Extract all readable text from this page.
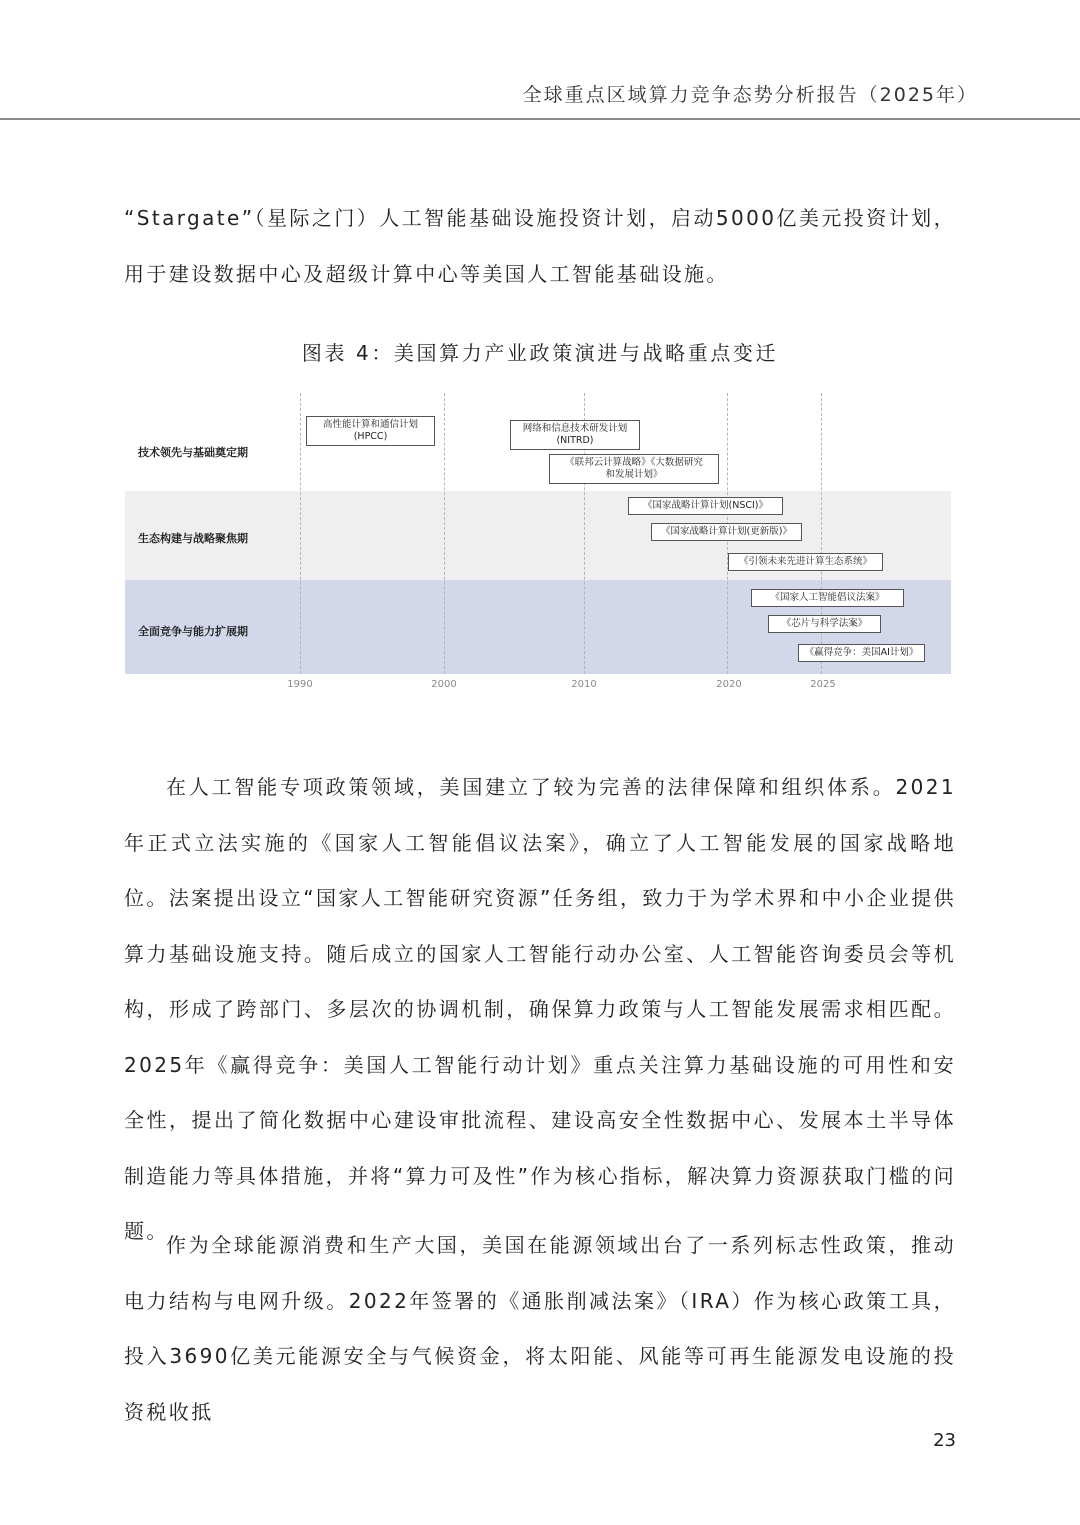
全球重点区域算力竞争态势分析报告（2025年）

“Stargate”（星际之门）人工智能基础设施投资计划，启动5000亿美元投资计划，用于建设数据中心及超级计算中心等美国人工智能基础设施。

图表 4：美国算力产业政策演进与战略重点变迁
技术领先与基础奠定期
生态构建与战略聚焦期
全面竞争与能力扩展期
1990	2000	2010	2020	2025
高性能计算和通信计划
(HPCC)
网络和信息技术研发计划
(NITRD)
《联邦云计算战略》《大数据研究
和发展计划》
《国家战略计算计划(NSCI)》
《国家战略计算计划(更新版)》
《引领未来先进计算生态系统》
《国家人工智能倡议法案》
《芯片与科学法案》
《赢得竞争：美国AI计划》

在人工智能专项政策领域，美国建立了较为完善的法律保障和组织体系。2021年正式立法实施的《国家人工智能倡议法案》，确立了人工智能发展的国家战略地位。法案提出设立“国家人工智能研究资源”任务组，致力于为学术界和中小企业提供算力基础设施支持。随后成立的国家人工智能行动办公室、人工智能咨询委员会等机构，形成了跨部门、多层次的协调机制，确保算力政策与人工智能发展需求相匹配。2025年《赢得竞争：美国人工智能行动计划》重点关注算力基础设施的可用性和安全性，提出了简化数据中心建设审批流程、建设高安全性数据中心、发展本土半导体制造能力等具体措施，并将“算力可及性”作为核心指标，解决算力资源获取门槛的问题。

作为全球能源消费和生产大国，美国在能源领域出台了一系列标志性政策，推动电力结构与电网升级。2022年签署的《通胀削减法案》（IRA）作为核心政策工具，投入3690亿美元能源安全与气候资金，将太阳能、风能等可再生能源发电设施的投资税收抵

23
